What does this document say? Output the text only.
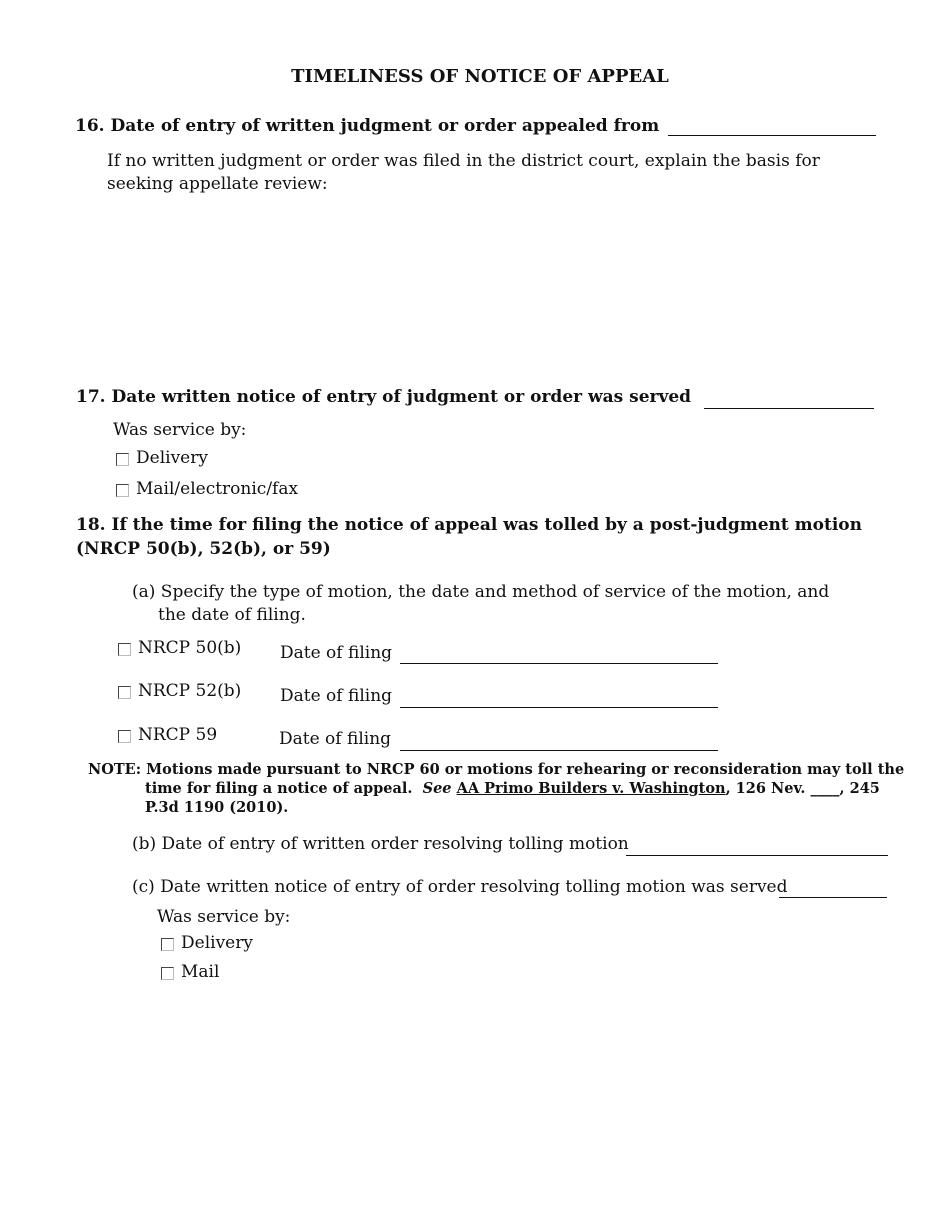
TIMELINESS OF NOTICE OF APPEAL
16. Date of entry of written judgment or order appealed from
If no written judgment or order was filed in the district court, explain the basis for
seeking appellate review:
17. Date written notice of entry of judgment or order was served
Was service by:
Delivery
Mail/electronic/fax
18. If the time for filing the notice of appeal was tolled by a post-judgment motion
(NRCP 50(b), 52(b), or 59)
(a) Specify the type of motion, the date and method of service of the motion, and
the date of filing.
NRCP 50(b) Date of filing
NRCP 52(b) Date of filing
NRCP 59	Date of filing
NOTE: Motions made pursuant to NRCP 60 or motions for rehearing or reconsideration may toll the
time for filing a notice of appeal. See AA Primo Builders v. Washington, 126 Nev. ____, 245
P.3d 1190 (2010).
(b) Date of entry of written order resolving tolling motion
(c) Date written notice of entry of order resolving tolling motion was served
Was service by:
Delivery
Mail
